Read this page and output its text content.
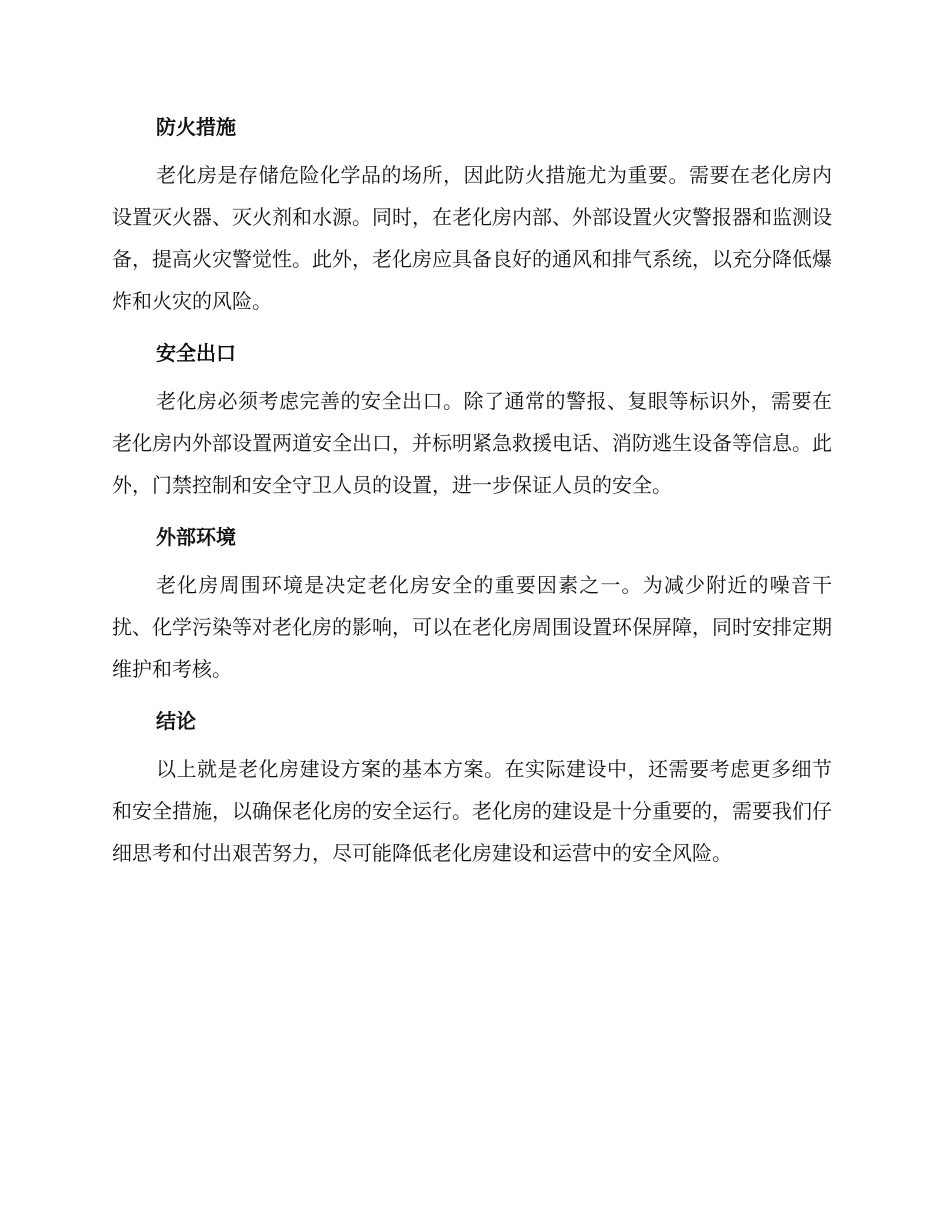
防火措施

老化房是存储危险化学品的场所，因此防火措施尤为重要。需要在老化房内设置灭火器、灭火剂和水源。同时，在老化房内部、外部设置火灾警报器和监测设备，提高火灾警觉性。此外，老化房应具备良好的通风和排气系统，以充分降低爆炸和火灾的风险。

安全出口

老化房必须考虑完善的安全出口。除了通常的警报、复眼等标识外，需要在老化房内外部设置两道安全出口，并标明紧急救援电话、消防逃生设备等信息。此外，门禁控制和安全守卫人员的设置，进一步保证人员的安全。

外部环境

老化房周围环境是决定老化房安全的重要因素之一。为减少附近的噪音干扰、化学污染等对老化房的影响，可以在老化房周围设置环保屏障，同时安排定期维护和考核。

结论

以上就是老化房建设方案的基本方案。在实际建设中，还需要考虑更多细节和安全措施，以确保老化房的安全运行。老化房的建设是十分重要的，需要我们仔细思考和付出艰苦努力，尽可能降低老化房建设和运营中的安全风险。
